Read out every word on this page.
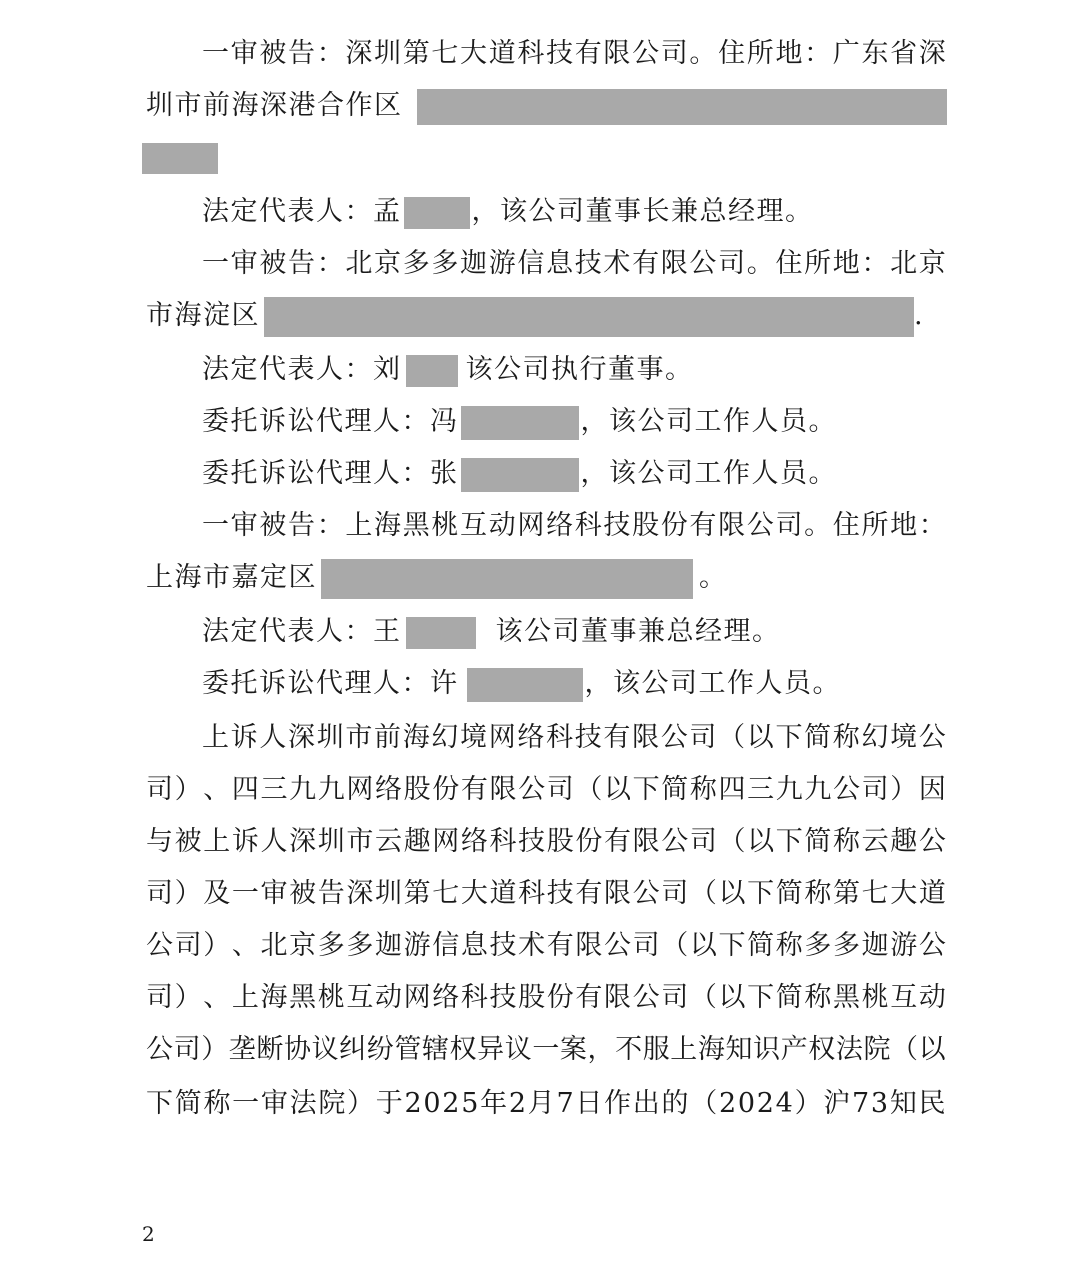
一 审 被 告 ： 深 圳 第 七 大 道 科 技 有 限 公 司 。 住 所 地 ： 广 东 省 深
圳市前海深港合作区
法定代表人：孟	，该公司董事长兼总经理。
一 审 被 告 ： 北 京 多 多 迦 游 信 息 技 术 有 限 公 司 。 住 所 地 ： 北 京
市海淀区	.
法定代表人：刘 该公司执行董事。
委托诉讼代理人：冯	，该公司工作人员。
委托诉讼代理人：张	，该公司工作人员。
一 审 被 告 ： 上 海 黑 桃 互 动 网 络 科 技 股 份 有 限 公 司 。 住 所 地 ：
上海市嘉定区	。
法定代表人：王	该公司董事兼总经理。
委托诉讼代理人：许	，该公司工作人员。
上 诉 人 深 圳 市 前 海 幻 境 网 络 科 技 有 限 公 司 （ 以 下 简 称 幻 境 公
司 ） 、 四 三 九 九 网 络 股 份 有 限 公 司 （ 以 下 简 称 四 三 九 九 公 司 ） 因
与 被 上 诉 人 深 圳 市 云 趣 网 络 科 技 股 份 有 限 公 司 （ 以 下 简 称 云 趣 公
司 ） 及 一 审 被 告 深 圳 第 七 大 道 科 技 有 限 公 司 （ 以 下 简 称 第 七 大 道
公 司 ） 、 北 京 多 多 迦 游 信 息 技 术 有 限 公 司 （ 以 下 简 称 多 多 迦 游 公
司 ） 、 上 海 黑 桃 互 动 网 络 科 技 股 份 有 限 公 司 （ 以 下 简 称 黑 桃 互 动
公 司 ） 垄 断 协 议 纠 纷 管 辖 权 异 议 一 案 ， 不 服 上 海 知 识 产 权 法 院 （ 以
下 简 称 一 审 法 院 ） 于 2 0 2 5 年 2 月 7 日 作 出 的 （ 2 0 2 4 ） 沪 7 3 知 民
2
